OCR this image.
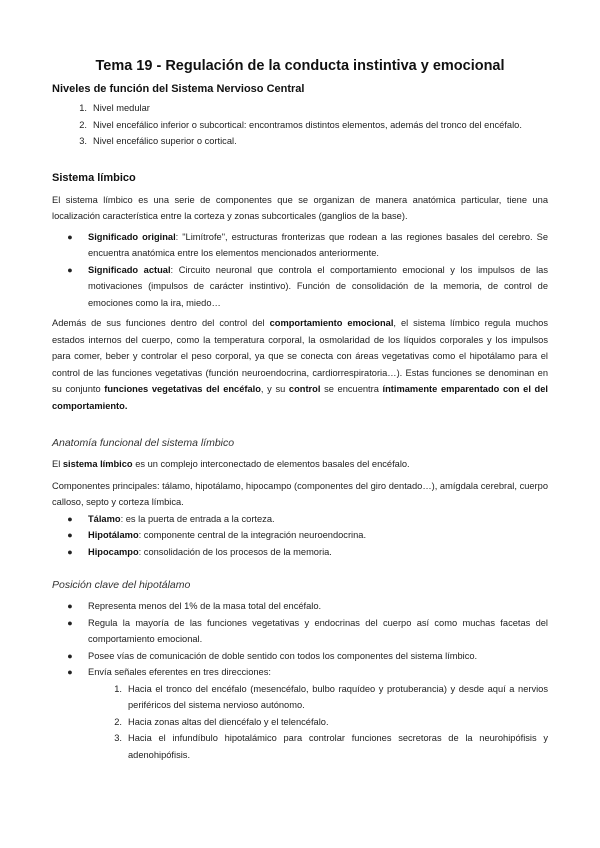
Tema 19 - Regulación de la conducta instintiva y emocional
Niveles de función del Sistema Nervioso Central
1. Nivel medular
2. Nivel encefálico inferior o subcortical: encontramos distintos elementos, además del tronco del encéfalo.
3. Nivel encefálico superior o cortical.
Sistema límbico

El sistema límbico es una serie de componentes que se organizan de manera anatómica particular, tiene una localización característica entre la corteza y zonas subcorticales (ganglios de la base).

●	Significado original: "Limítrofe", estructuras fronterizas que rodean a las regiones basales del cerebro. Se encuentra anatómica entre los elementos mencionados anteriormente.
●	Significado actual: Circuito neuronal que controla el comportamiento emocional y los impulsos de las motivaciones (impulsos de carácter instintivo). Función de consolidación de la memoria, de control de emociones como la ira, miedo…

Además de sus funciones dentro del control del comportamiento emocional, el sistema límbico regula muchos estados internos del cuerpo, como la temperatura corporal, la osmolaridad de los líquidos corporales y los impulsos para comer, beber y controlar el peso corporal, ya que se conecta con áreas vegetativas como el hipotálamo para el control de las funciones vegetativas (función neuroendocrina, cardiorrespiratoria…). Estas funciones se denominan en su conjunto funciones vegetativas del encéfalo, y su control se encuentra íntimamente emparentado con el del comportamiento.

Anatomía funcional del sistema límbico

El sistema límbico es un complejo interconectado de elementos basales del encéfalo.

Componentes principales: tálamo, hipotálamo, hipocampo (componentes del giro dentado…), amígdala cerebral, cuerpo calloso, septo y corteza límbica.

●	Tálamo: es la puerta de entrada a la corteza.
●	Hipotálamo: componente central de la integración neuroendocrina.
●	Hipocampo: consolidación de los procesos de la memoria.
Posición clave del hipotálamo
●	Representa menos del 1% de la masa total del encéfalo.
●	Regula la mayoría de las funciones vegetativas y endocrinas del cuerpo así como muchas facetas del comportamiento emocional.
●	Posee vías de comunicación de doble sentido con todos los componentes del sistema límbico.
●	Envía señales eferentes en tres direcciones:
1. Hacia el tronco del encéfalo (mesencéfalo, bulbo raquídeo y protuberancia) y desde aquí a nervios periféricos del sistema nervioso autónomo.
2. Hacia zonas altas del diencéfalo y el telencéfalo.
3. Hacia el infundíbulo hipotalámico para controlar funciones secretoras de la neurohipófisis y adenohipófisis.
